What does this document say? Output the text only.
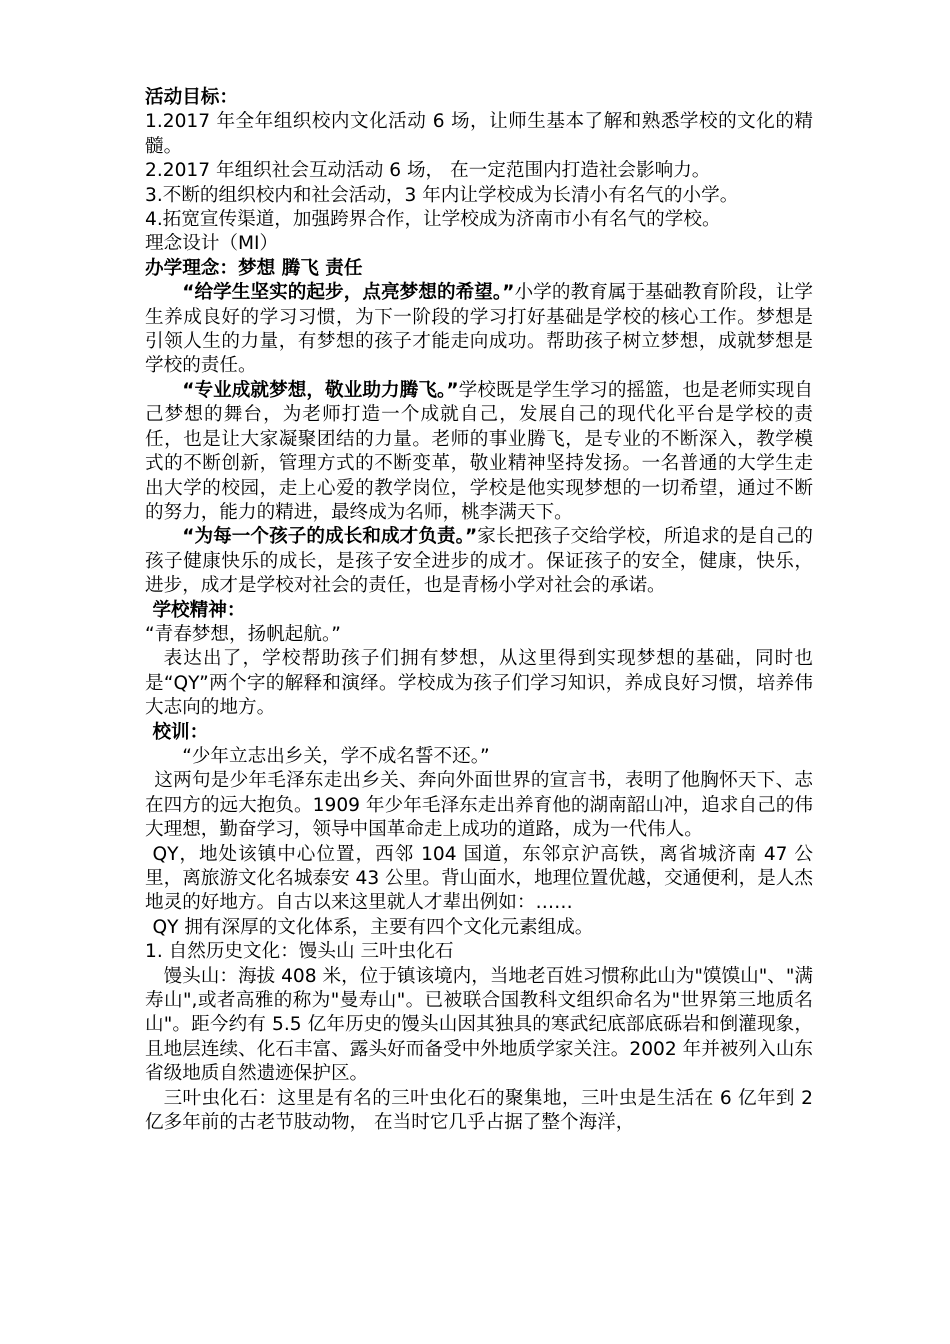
活动目标：

1.2017 年全年组织校内文化活动 6 场，让师生基本了解和熟悉学校的文化的精髓。

2.2017 年组织社会互动活动 6 场， 在一定范围内打造社会影响力。

3.不断的组织校内和社会活动，3 年内让学校成为长清小有名气的小学。

4.拓宽宣传渠道，加强跨界合作，让学校成为济南市小有名气的学校。

理念设计（MI）

办学理念：梦想 腾飞 责任

“给学生坚实的起步，点亮梦想的希望。”小学的教育属于基础教育阶段，让学生养成良好的学习习惯，为下一阶段的学习打好基础是学校的核心工作。梦想是引领人生的力量，有梦想的孩子才能走向成功。帮助孩子树立梦想，成就梦想是学校的责任。

“专业成就梦想，敬业助力腾飞。”学校既是学生学习的摇篮，也是老师实现自己梦想的舞台，为老师打造一个成就自己，发展自己的现代化平台是学校的责任，也是让大家凝聚团结的力量。老师的事业腾飞，是专业的不断深入，教学模式的不断创新，管理方式的不断变革，敬业精神坚持发扬。一名普通的大学生走出大学的校园，走上心爱的教学岗位，学校是他实现梦想的一切希望，通过不断的努力，能力的精进，最终成为名师，桃李满天下。

“为每一个孩子的成长和成才负责。”家长把孩子交给学校，所追求的是自己的孩子健康快乐的成长，是孩子安全进步的成才。保证孩子的安全，健康，快乐，进步，成才是学校对社会的责任，也是青杨小学对社会的承诺。

学校精神：

“青春梦想，扬帆起航。”

表达出了，学校帮助孩子们拥有梦想，从这里得到实现梦想的基础，同时也是“QY”两个字的解释和演绎。学校成为孩子们学习知识，养成良好习惯，培养伟大志向的地方。

校训：

“少年立志出乡关，学不成名誓不还。”

这两句是少年毛泽东走出乡关、奔向外面世界的宣言书，表明了他胸怀天下、志在四方的远大抱负。1909 年少年毛泽东走出养育他的湖南韶山冲，追求自己的伟大理想，勤奋学习，领导中国革命走上成功的道路，成为一代伟人。

QY，地处该镇中心位置，西邻 104 国道，东邻京沪高铁，离省城济南 47 公里，离旅游文化名城泰安 43 公里。背山面水，地理位置优越，交通便利，是人杰地灵的好地方。自古以来这里就人才辈出例如：……

QY 拥有深厚的文化体系，主要有四个文化元素组成。

1. 自然历史文化：馒头山 三叶虫化石

馒头山：海拔 408 米，位于镇该境内，当地老百姓习惯称此山为"馍馍山"、"满寿山",或者高雅的称为"曼寿山"。已被联合国教科文组织命名为"世界第三地质名山"。距今约有 5.5 亿年历史的馒头山因其独具的寒武纪底部底砾岩和倒灌现象，且地层连续、化石丰富、露头好而备受中外地质学家关注。2002 年并被列入山东省级地质自然遗迹保护区。

三叶虫化石：这里是有名的三叶虫化石的聚集地，三叶虫是生活在 6 亿年到 2 亿多年前的古老节肢动物， 在当时它几乎占据了整个海洋，
